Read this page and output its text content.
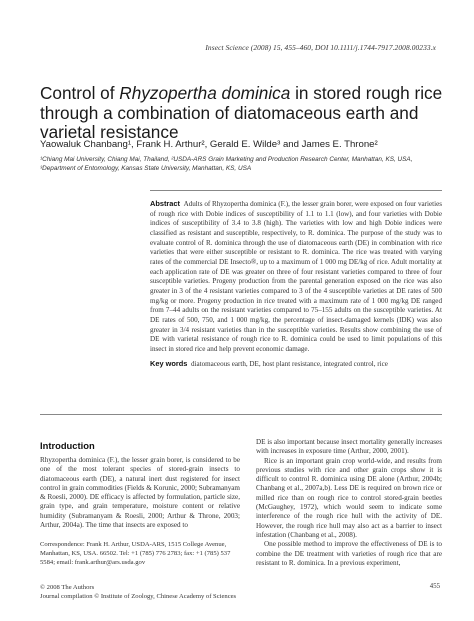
Insect Science (2008) 15, 455–460, DOI 10.1111/j.1744-7917.2008.00233.x
Control of Rhyzopertha dominica in stored rough rice through a combination of diatomaceous earth and varietal resistance
Yaowaluk Chanbang¹, Frank H. Arthur², Gerald E. Wilde³ and James E. Throne²
¹Chiang Mai University, Chiang Mai, Thailand, ²USDA-ARS Grain Marketing and Production Research Center, Manhattan, KS, USA,
³Department of Entomology, Kansas State University, Manhattan, KS, USA
Abstract Adults of Rhyzopertha dominica (F.), the lesser grain borer, were exposed on four varieties of rough rice with Dobie indices of susceptibility of 1.1 to 1.1 (low), and four varieties with Dobie indices of susceptibility of 3.4 to 3.8 (high). The varieties with low and high Dobie indices were classified as resistant and susceptible, respectively, to R. dominica. The purpose of the study was to evaluate control of R. dominica through the use of diatomaceous earth (DE) in combination with rice varieties that were either susceptible or resistant to R. dominica. The rice was treated with varying rates of the commercial DE Insecto®, up to a maximum of 1 000 mg DE/kg of rice. Adult mortality at each application rate of DE was greater on three of four resistant varieties compared to three of four susceptible varieties. Progeny production from the parental generation exposed on the rice was also greater in 3 of the 4 resistant varieties compared to 3 of the 4 susceptible varieties at DE rates of 500 mg/kg or more. Progeny production in rice treated with a maximum rate of 1 000 mg/kg DE ranged from 7–44 adults on the resistant varieties compared to 75–155 adults on the susceptible varieties. At DE rates of 500, 750, and 1 000 mg/kg, the percentage of insect-damaged kernels (IDK) was also greater in 3/4 resistant varieties than in the susceptible varieties. Results show combining the use of DE with varietal resistance of rough rice to R. dominica could be used to limit populations of this insect in stored rice and help prevent economic damage.
Key words diatomaceous earth, DE, host plant resistance, integrated control, rice
Introduction

Rhyzopertha dominica (F.), the lesser grain borer, is considered to be one of the most tolerant species of stored-grain insects to diatomaceous earth (DE), a natural inert dust registered for insect control in grain commodities (Fields & Korunic, 2000; Subramanyam & Roesli, 2000). DE efficacy is affected by formulation, particle size, grain type, and grain temperature, moisture content or relative humidity (Subramanyam & Roesli, 2000; Arthur & Throne, 2003; Arthur, 2004a). The time that insects are exposed to

Correspondence: Frank H. Arthur, USDA-ARS, 1515 College Avenue, Manhattan, KS, USA. 66502. Tel: +1 (785) 776 2783; fax: +1 (785) 537 5584; email: frank.arthur@ars.usda.gov

DE is also important because insect mortality generally increases with increases in exposure time (Arthur, 2000, 2001).

Rice is an important grain crop world-wide, and results from previous studies with rice and other grain crops show it is difficult to control R. dominica using DE alone (Arthur, 2004b; Chanbang et al., 2007a,b). Less DE is required on brown rice or milled rice than on rough rice to control stored-grain beetles (McGaughey, 1972), which would seem to indicate some interference of the rough rice hull with the activity of DE. However, the rough rice hull may also act as a barrier to insect infestation (Chanbang et al., 2008).

One possible method to improve the effectiveness of DE is to combine the DE treatment with varieties of rough rice that are resistant to R. dominica. In a previous experiment,

© 2008 The Authors
Journal compilation © Institute of Zoology, Chinese Academy of Sciences
455
